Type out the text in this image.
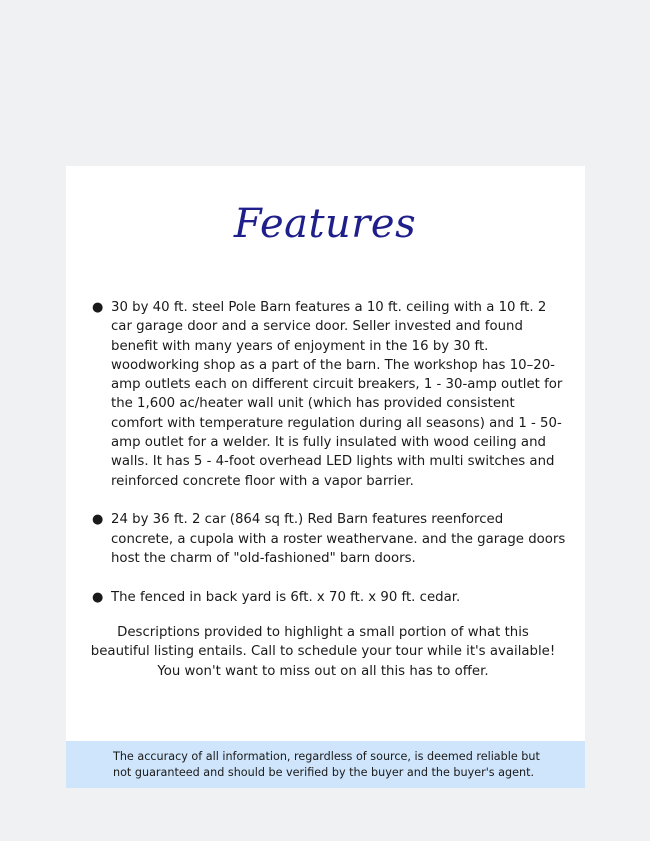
Features
● 30 by 40 ft. steel Pole Barn features a 10 ft. ceiling with a 10 ft. 2 car garage door and a service door. Seller invested and found benefit with many years of enjoyment in the 16 by 30 ft. woodworking shop as a part of the barn. The workshop has 10–20-amp outlets each on different circuit breakers, 1 - 30-amp outlet for the 1,600 ac/heater wall unit (which has provided consistent comfort with temperature regulation during all seasons) and 1 - 50-amp outlet for a welder. It is fully insulated with wood ceiling and walls. It has 5 - 4-foot overhead LED lights with multi switches and reinforced concrete floor with a vapor barrier.
● 24 by 36 ft. 2 car (864 sq ft.) Red Barn features reenforced concrete, a cupola with a roster weathervane. and the garage doors host the charm of "old-fashioned" barn doors.
● The fenced in back yard is 6ft. x 70 ft. x 90 ft. cedar.

Descriptions provided to highlight a small portion of what this beautiful listing entails. Call to schedule your tour while it's available! You won't want to miss out on all this has to offer.

The accuracy of all information, regardless of source, is deemed reliable but not guaranteed and should be verified by the buyer and the buyer's agent.
